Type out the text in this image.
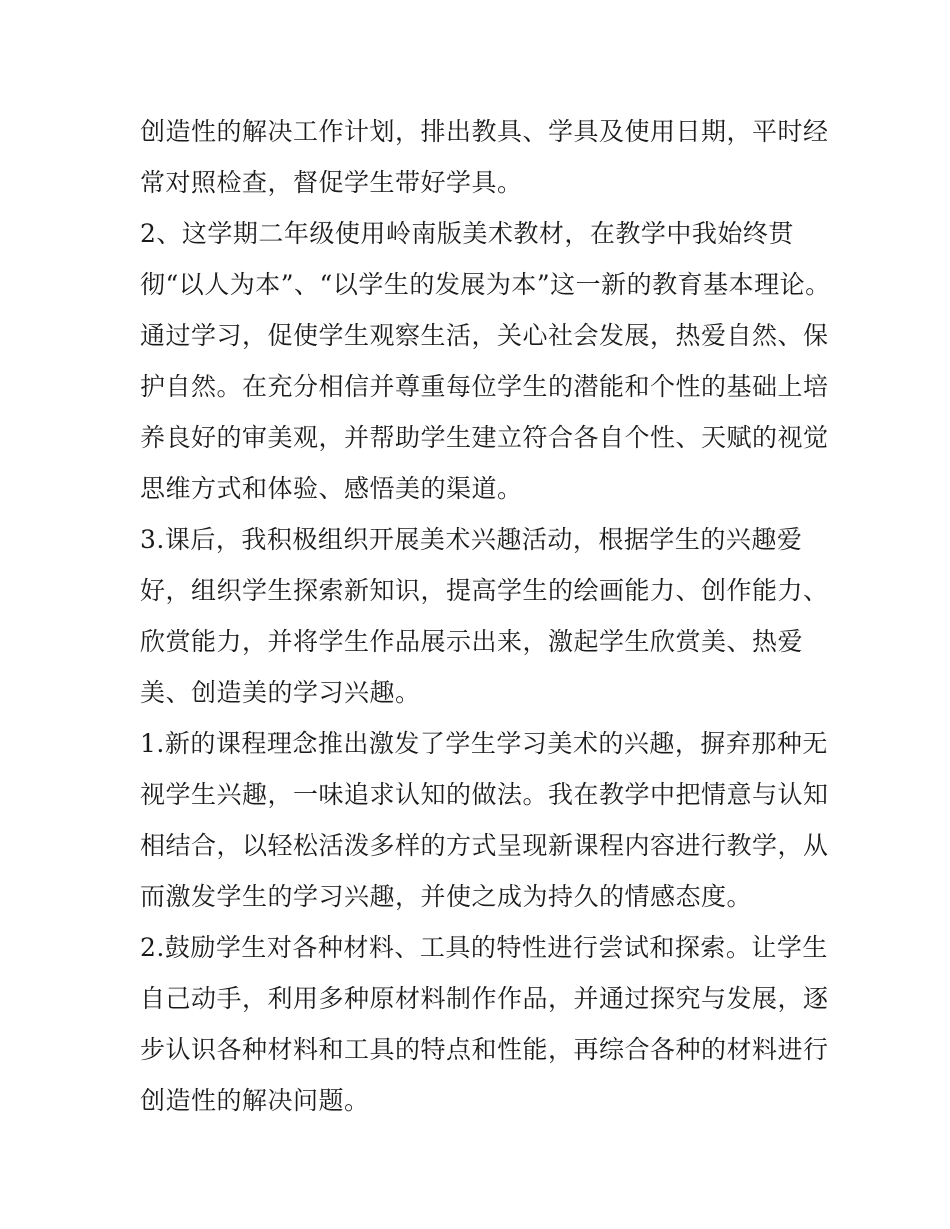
创造性的解决工作计划，排出教具、学具及使用日期，平时经
常对照检查，督促学生带好学具。
2、这学期二年级使用岭南版美术教材，在教学中我始终贯
彻“以人为本”、“以学生的发展为本”这一新的教育基本理论。
通过学习，促使学生观察生活，关心社会发展，热爱自然、保
护自然。在充分相信并尊重每位学生的潜能和个性的基础上培
养良好的审美观，并帮助学生建立符合各自个性、天赋的视觉
思维方式和体验、感悟美的渠道。
3.课后，我积极组织开展美术兴趣活动，根据学生的兴趣爱
好，组织学生探索新知识，提高学生的绘画能力、创作能力、
欣赏能力，并将学生作品展示出来，激起学生欣赏美、热爱
美、创造美的学习兴趣。
1.新的课程理念推出激发了学生学习美术的兴趣，摒弃那种无
视学生兴趣，一味追求认知的做法。我在教学中把情意与认知
相结合，以轻松活泼多样的方式呈现新课程内容进行教学，从
而激发学生的学习兴趣，并使之成为持久的情感态度。
2.鼓励学生对各种材料、工具的特性进行尝试和探索。让学生
自己动手，利用多种原材料制作作品，并通过探究与发展，逐
步认识各种材料和工具的特点和性能，再综合各种的材料进行
创造性的解决问题。
